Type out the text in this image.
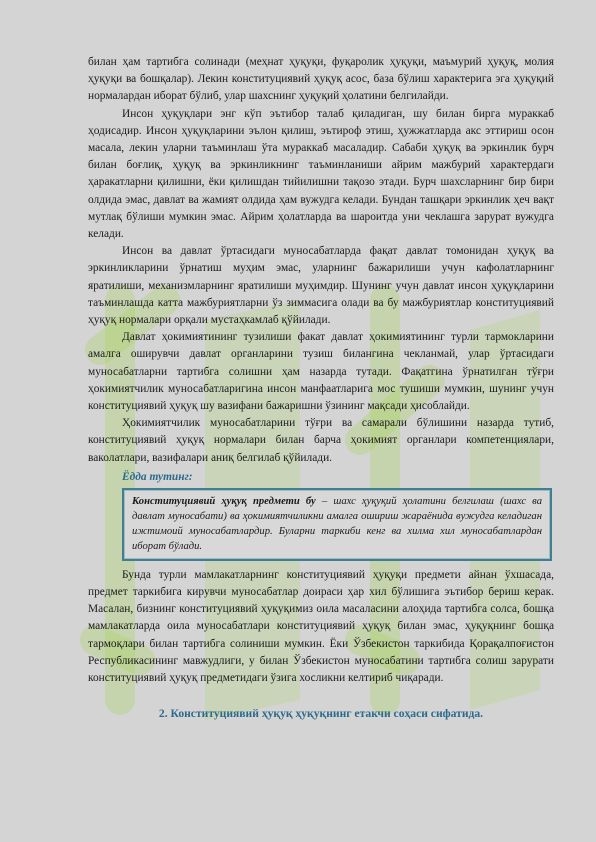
билан ҳам тартибга солинади (меҳнат ҳуқуқи, фуқаролик ҳуқуқи, маъмурий ҳуқуқ, молия ҳуқуқи ва бошқалар). Лекин конституциявий ҳуқуқ асос, база бўлиш характерига эга ҳуқуқий нормалардан иборат бўлиб, улар шахснинг ҳуқуқий ҳолатини белгилайди.

Инсон ҳуқуқлари энг кўп эътибор талаб қиладиган, шу билан бирга мураккаб ҳодисадир. Инсон ҳуқуқларини эълон қилиш, эътироф этиш, ҳужжатларда акс эттириш осон масала, лекин уларни таъминлаш ўта мураккаб масаладир. Сабаби ҳуқуқ ва эркинлик бурч билан боғлиқ, ҳуқуқ ва эркинликнинг таъминланиши айрим мажбурий характердаги ҳаракатларни қилишни, ёки қилишдан тийилишни тақозо этади. Бурч шахсларнинг бир бири олдида эмас, давлат ва жамият олдида ҳам вужудга келади. Бундан ташқари эркинлик ҳеч вақт мутлақ бўлиши мумкин эмас. Айрим ҳолатларда ва шароитда уни чеклашга зарурат вужудга келади.

Инсон ва давлат ўртасидаги муносабатларда фақат давлат томонидан ҳуқуқ ва эркинликларини ўрнатиш муҳим эмас, уларнинг бажарилиши учун кафолатларнинг яратилиши, механизмларнинг яратилиши муҳимдир. Шунинг учун давлат инсон ҳуқуқларини таъминлашда катта мажбуриятларни ўз зиммасига олади ва бу мажбуриятлар конституциявий ҳуқуқ нормалари орқали мустаҳкамлаб қўйилади.

Давлат ҳокимиятининг тузилиши факат давлат ҳокимиятининг турли тармокларини амалга оширувчи давлат органларини тузиш билангина чекланмай, улар ўртасидаги муносабатларни тартибга солишни ҳам назарда тутади. Фақатгина ўрнатилган тўғри ҳокимиятчилик муносабатларигина инсон манфаатларига мос тушиши мумкин, шунинг учун конституциявий ҳуқуқ шу вазифани бажаришни ўзининг мақсади ҳисоблайди.

Ҳокимиятчилик муносабатларини тўғри ва самарали бўлишини назарда тутиб, конституциявий ҳуқуқ нормалари билан барча ҳокимият органлари компетенциялари, ваколатлари, вазифалари аниқ белгилаб қўйилади.

Ёдда тутинг:
Конституциявий ҳуқуқ предмети бу – шахс ҳуқуқий ҳолатини белгилаш (шахс ва давлат муносабати) ва ҳокимиятчиликни амалга ошириш жараёнида вужудга келадиган ижтимоий муносабатлардир. Буларни таркиби кенг ва хилма хил муносабатлардан иборат бўлади.

Бунда турли мамлакатларнинг конституциявий ҳуқуқи предмети айнан ўхшасада, предмет таркибига кирувчи муносабатлар доираси ҳар хил бўлишига эътибор бериш керак. Масалан, бизнинг конституциявий ҳуқуқимиз оила масаласини алоҳида тартибга солса, бошқа мамлакатларда оила муносабатлари конституциявий ҳуқуқ билан эмас, ҳуқуқнинг бошқа тармоқлари билан тартибга солиниши мумкин. Ёки Ўзбекистон таркибида Қорақалпоғистон Республикасининг мавжудлиги, у билан Ўзбекистон муносабатини тартибга солиш зарурати конституциявий ҳуқуқ предметидаги ўзига хосликни келтириб чиқаради.

2. Конституциявий ҳуқуқ ҳуқуқнинг етакчи соҳаси сифатида.
